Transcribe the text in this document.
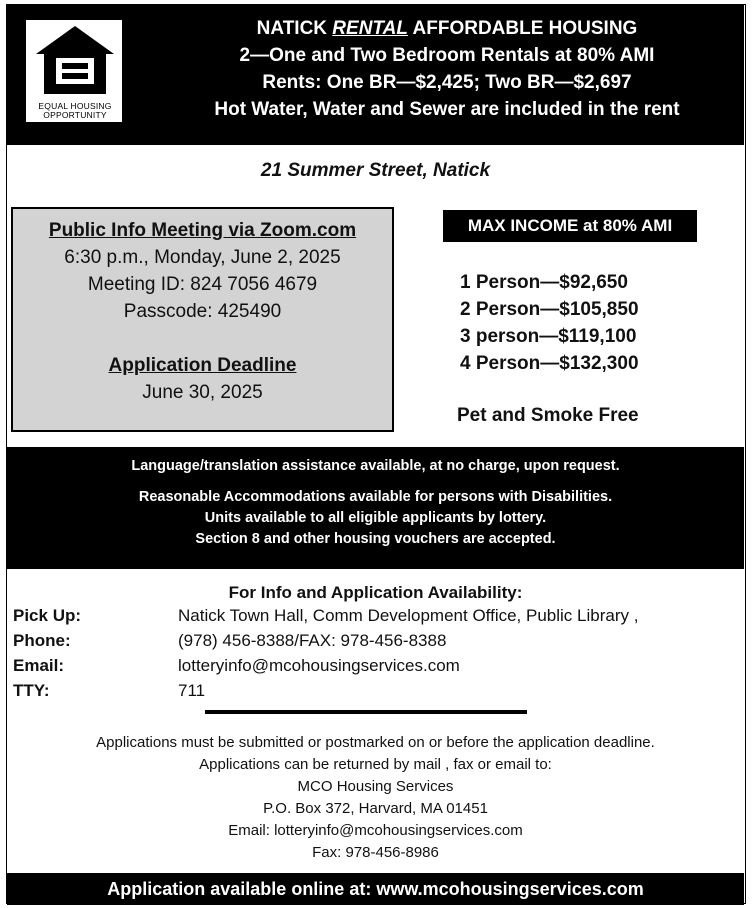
EQUAL HOUSING
OPPORTUNITY
NATICK RENTAL AFFORDABLE HOUSING
2—One and Two Bedroom Rentals at 80% AMI
Rents: One BR—$2,425; Two BR—$2,697
Hot Water, Water and Sewer are included in the rent
21 Summer Street, Natick
Public Info Meeting via Zoom.com
6:30 p.m., Monday, June 2, 2025
Meeting ID: 824 7056 4679
Passcode: 425490
Application Deadline
June 30, 2025
MAX INCOME at 80% AMI
1 Person—$92,650
2 Person—$105,850
3 person—$119,100
4 Person—$132,300
Pet and Smoke Free
Language/translation assistance available, at no charge, upon request.
Reasonable Accommodations available for persons with Disabilities.
Units available to all eligible applicants by lottery.
Section 8 and other housing vouchers are accepted.
For Info and Application Availability:
Pick Up:	Natick Town Hall, Comm Development Office, Public Library ,
Phone:	(978) 456-8388/FAX: 978-456-8388
Email:	lotteryinfo@mcohousingservices.com
TTY:	711
Applications must be submitted or postmarked on or before the application deadline.
Applications can be returned by mail , fax or email to:
MCO Housing Services
P.O. Box 372, Harvard, MA 01451
Email: lotteryinfo@mcohousingservices.com
Fax: 978-456-8986
Application available online at: www.mcohousingservices.com
